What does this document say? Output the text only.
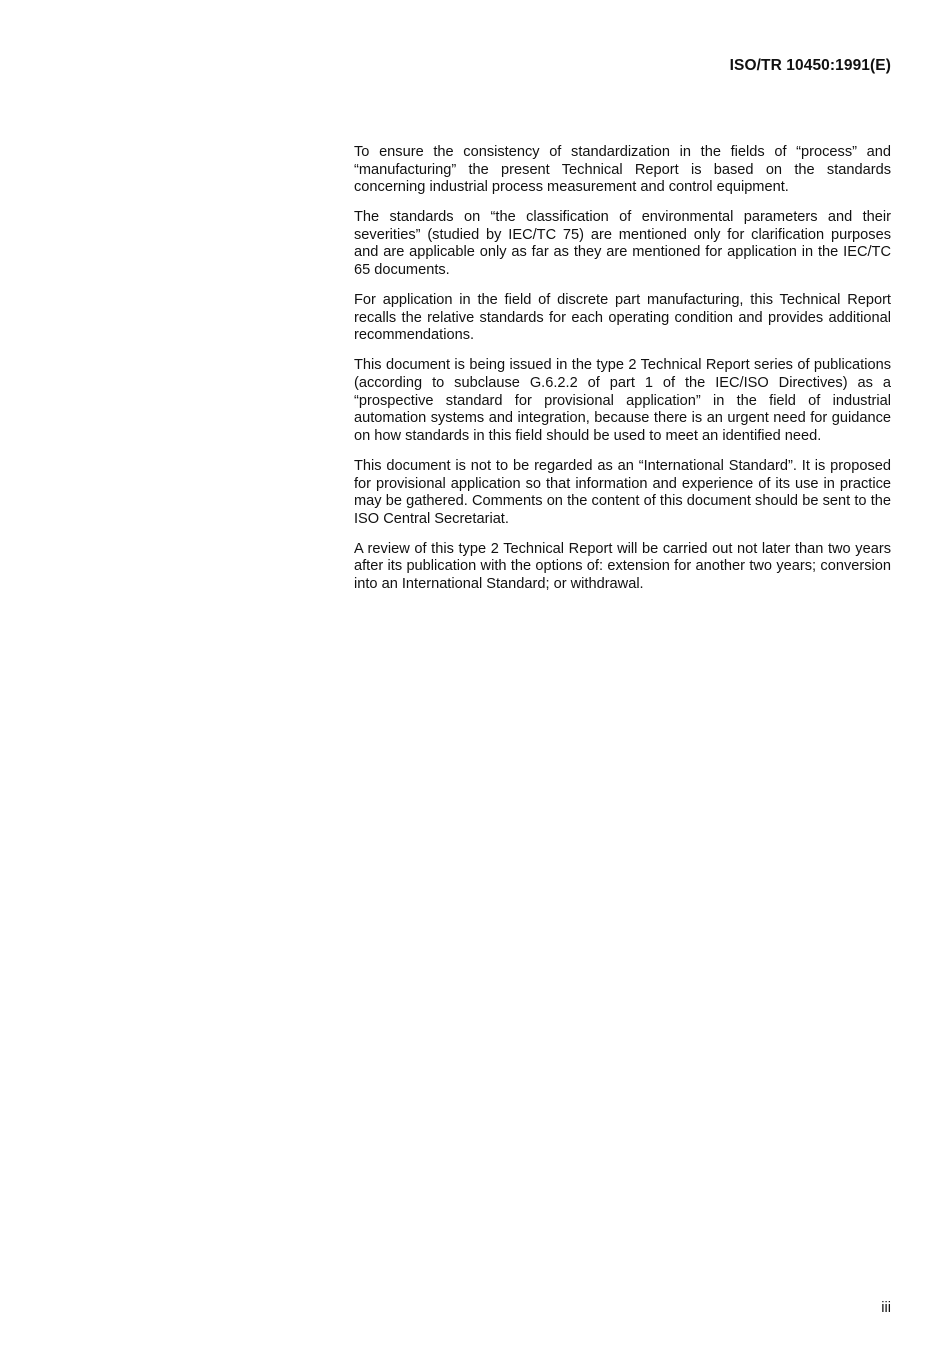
ISO/TR 10450:1991(E)

To ensure the consistency of standardization in the fields of “process” and “manufacturing” the present Technical Report is based on the standards concerning industrial process measurement and control equipment.

The standards on “the classification of environmental parameters and their severities” (studied by IEC/TC 75) are mentioned only for clarification purposes and are applicable only as far as they are mentioned for application in the IEC/TC 65 documents.

For application in the field of discrete part manufacturing, this Technical Report recalls the relative standards for each operating condition and provides additional recommendations.

This document is being issued in the type 2 Technical Report series of publications (according to subclause G.6.2.2 of part 1 of the IEC/ISO Directives) as a “prospective standard for provisional application” in the field of industrial automation systems and integration, because there is an urgent need for guidance on how standards in this field should be used to meet an identified need.

This document is not to be regarded as an “International Standard”. It is proposed for provisional application so that information and experience of its use in practice may be gathered. Comments on the content of this document should be sent to the ISO Central Secretariat.

A review of this type 2 Technical Report will be carried out not later than two years after its publication with the options of: extension for another two years; conversion into an International Standard; or withdrawal.

iii
